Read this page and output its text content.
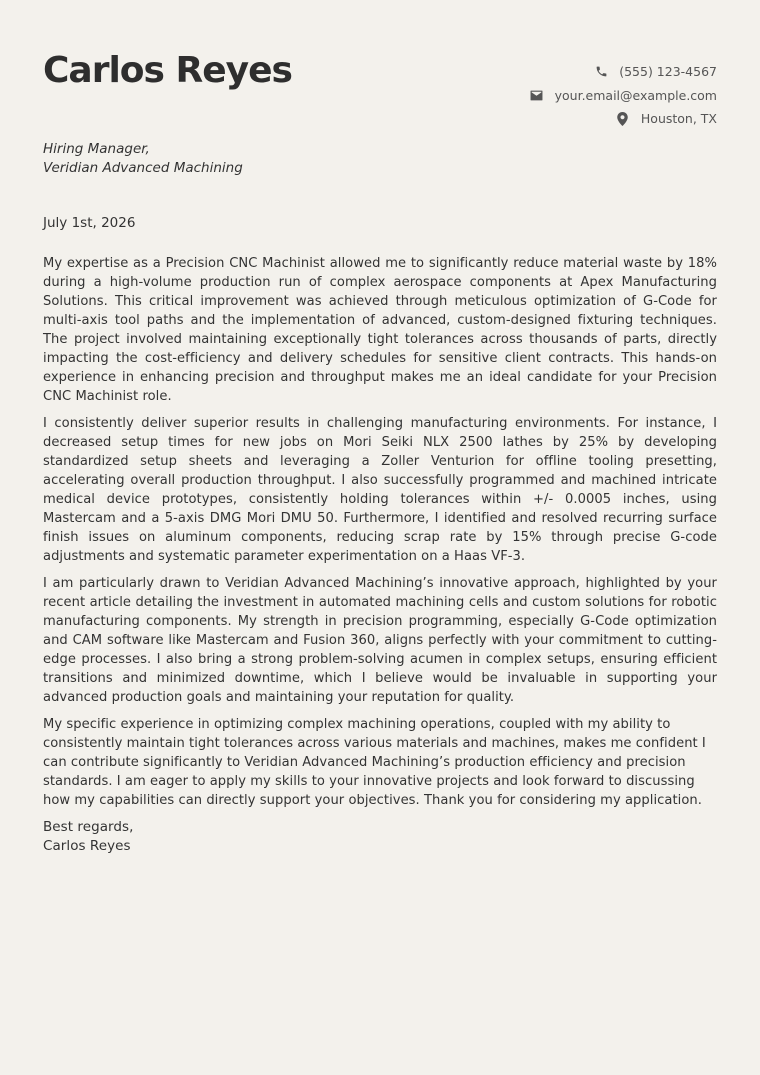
Carlos Reyes	(555) 123-4567
your.email@example.com
Houston, TX
Hiring Manager,
Veridian Advanced Machining
July 1st, 2026

My expertise as a Precision CNC Machinist allowed me to significantly reduce material waste by 18% during a high-volume production run of complex aerospace components at Apex Manufacturing Solutions. This critical improvement was achieved through meticulous optimization of G-Code for multi-axis tool paths and the implementation of advanced, custom-designed fixturing techniques. The project involved maintaining exceptionally tight tolerances across thousands of parts, directly impacting the cost-efficiency and delivery schedules for sensitive client contracts. This hands-on experience in enhancing precision and throughput makes me an ideal candidate for your Precision CNC Machinist role.

I consistently deliver superior results in challenging manufacturing environments. For instance, I decreased setup times for new jobs on Mori Seiki NLX 2500 lathes by 25% by developing standardized setup sheets and leveraging a Zoller Venturion for offline tooling presetting, accelerating overall production throughput. I also successfully programmed and machined intricate medical device prototypes, consistently holding tolerances within +/- 0.0005 inches, using Mastercam and a 5-axis DMG Mori DMU 50. Furthermore, I identified and resolved recurring surface finish issues on aluminum components, reducing scrap rate by 15% through precise G-code adjustments and systematic parameter experimentation on a Haas VF-3.

I am particularly drawn to Veridian Advanced Machining’s innovative approach, highlighted by your recent article detailing the investment in automated machining cells and custom solutions for robotic manufacturing components. My strength in precision programming, especially G-Code optimization and CAM software like Mastercam and Fusion 360, aligns perfectly with your commitment to cutting-edge processes. I also bring a strong problem-solving acumen in complex setups, ensuring efficient transitions and minimized downtime, which I believe would be invaluable in supporting your advanced production goals and maintaining your reputation for quality.

My specific experience in optimizing complex machining operations, coupled with my ability to consistently maintain tight tolerances across various materials and machines, makes me confident I can contribute significantly to Veridian Advanced Machining’s production efficiency and precision standards. I am eager to apply my skills to your innovative projects and look forward to discussing how my capabilities can directly support your objectives. Thank you for considering my application.

Best regards,
Carlos Reyes
